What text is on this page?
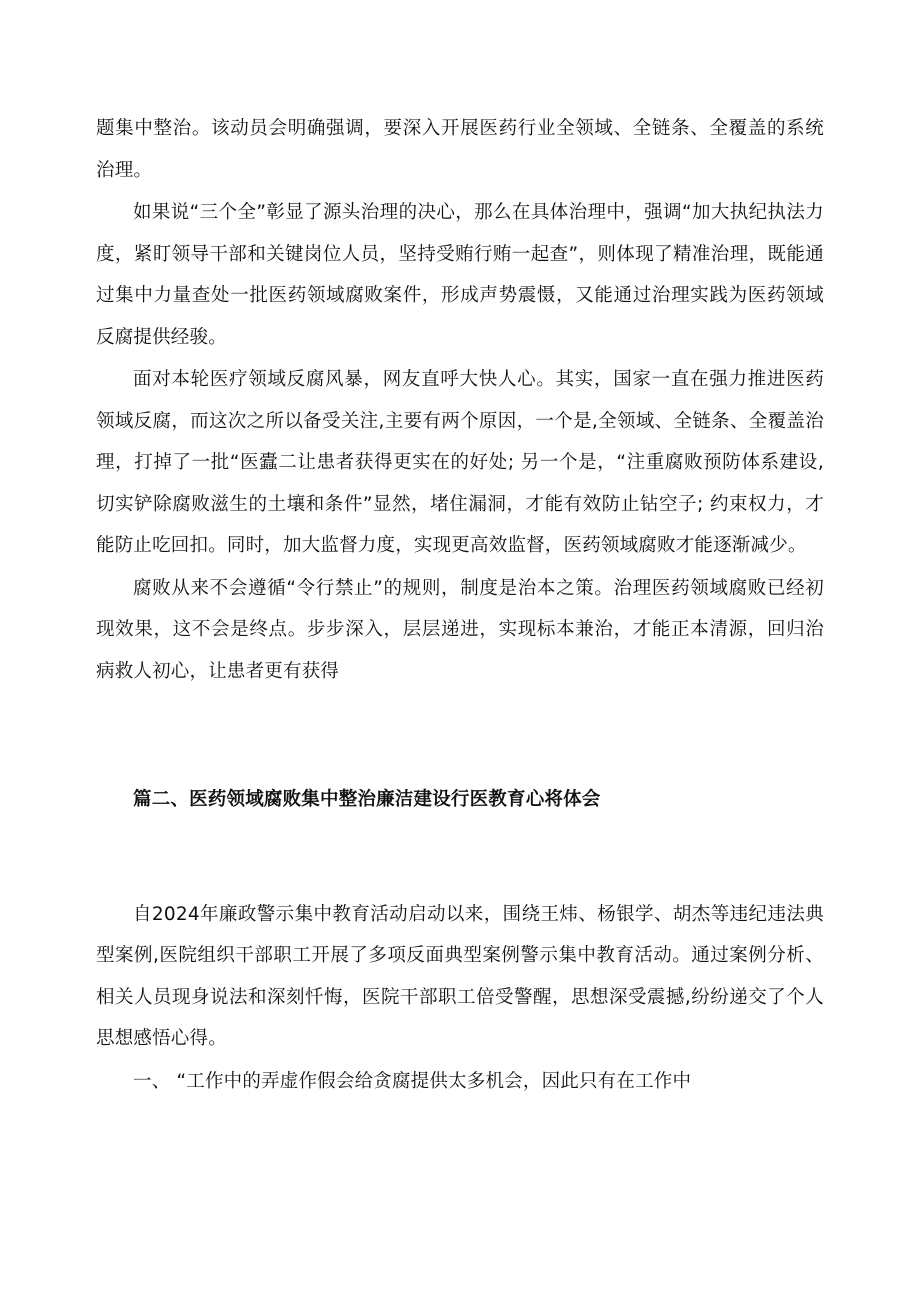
题集中整治。该动员会明确强调，要深入开展医药行业全领域、全链条、全覆盖的系统治理。

如果说“三个全”彰显了源头治理的决心，那么在具体治理中，强调“加大执纪执法力度，紧盯领导干部和关键岗位人员，坚持受贿行贿一起查”，则体现了精准治理，既能通过集中力量查处一批医药领域腐败案件，形成声势震慑，又能通过治理实践为医药领域反腐提供经骏。

面对本轮医疗领域反腐风暴，网友直呼大快人心。其实，国家一直在强力推进医药领域反腐，而这次之所以备受关注,主要有两个原因，一个是,全领域、全链条、全覆盖治理，打掉了一批“医蠹二让患者获得更实在的好处; 另一个是，“注重腐败预防体系建设,切实铲除腐败滋生的土壤和条件”显然，堵住漏洞，才能有效防止钻空子; 约束权力，才能防止吃回扣。同时，加大监督力度，实现更高效监督，医药领域腐败才能逐渐减少。

腐败从来不会遵循“令行禁止”的规则，制度是治本之策。治理医药领域腐败已经初现效果，这不会是终点。步步深入，层层递进，实现标本兼治，才能正本清源，回归治病救人初心，让患者更有获得

篇二、医药领域腐败集中整治廉洁建设行医教育心将体会

自2024年廉政警示集中教育活动启动以来，围绕王炜、杨银学、胡杰等违纪违法典型案例,医院组织干部职工开展了多项反面典型案例警示集中教育活动。通过案例分析、相关人员现身说法和深刻忏悔，医院干部职工倍受警醒，思想深受震撼,纷纷递交了个人思想感悟心得。

一、 “工作中的弄虚作假会给贪腐提供太多机会，因此只有在工作中
